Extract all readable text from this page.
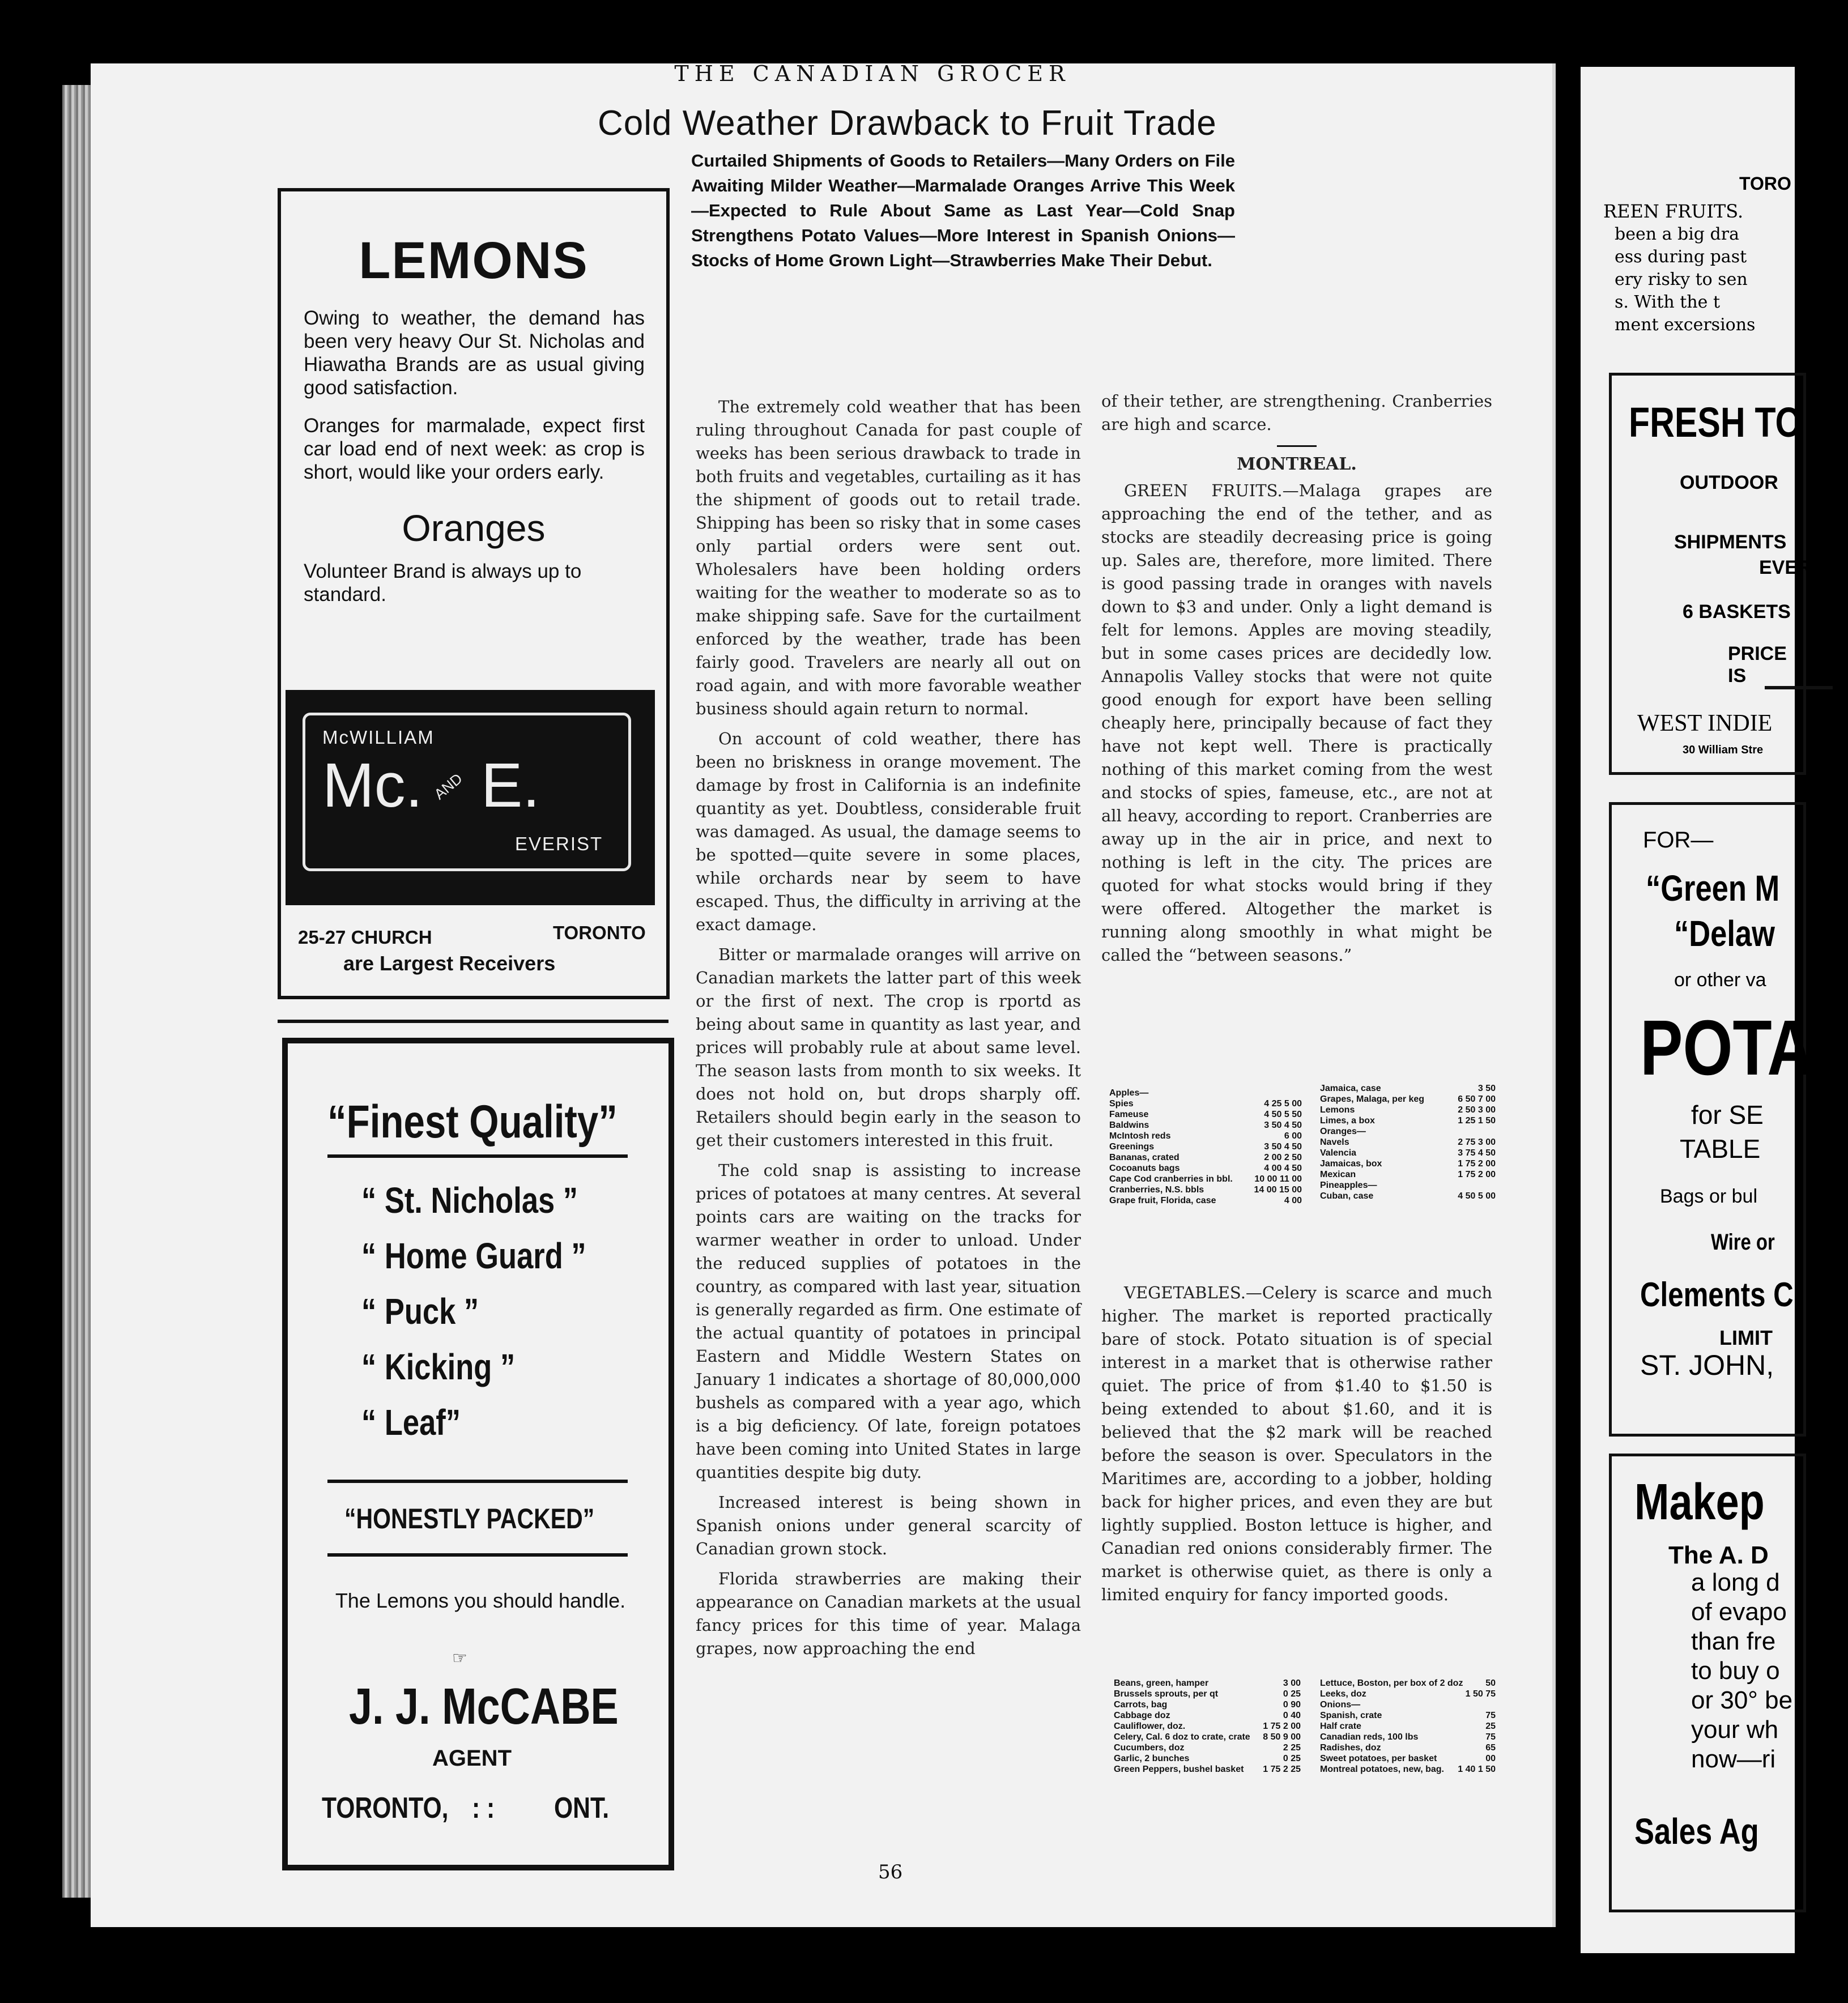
THE CANADIAN GROCER
LEMONS
Owing to weather, the demand has been very heavy Our St. Nicholas and Hiawatha Brands are as usual giving good satisfaction.
Oranges for marmalade, expect first car load end of next week: as crop is short, would like your orders early.
Oranges
Volunteer Brand is always up to standard.
McWILLIAM
Mc. AND E.
EVERIST
25-27 CHURCH	TORONTO
are Largest Receivers
“Finest Quality”
“ St. Nicholas ”
“ Home Guard ”
“ Puck ”
“ Kicking ”
“ Leaf”
“HONESTLY PACKED”
The Lemons you should handle.
☞
J. J. McCABE
AGENT
TORONTO, : : ONT.
Cold Weather Drawback to Fruit Trade
Curtailed Shipments of Goods to Retailers—Many Orders on File Awaiting Milder Weather—Marmalade Oranges Arrive This Week—Expected to Rule About Same as Last Year—Cold Snap Strengthens Potato Values—More Interest in Spanish Onions—Stocks of Home Grown Light—Strawberries Make Their Debut.

The extremely cold weather that has been ruling throughout Canada for past couple of weeks has been serious drawback to trade in both fruits and vegetables, curtailing as it has the shipment of goods out to retail trade. Shipping has been so risky that in some cases only partial orders were sent out. Wholesalers have been holding orders waiting for the weather to moderate so as to make shipping safe. Save for the curtailment enforced by the weather, trade has been fairly good. Travelers are nearly all out on road again, and with more favorable weather business should again return to normal.

On account of cold weather, there has been no briskness in orange movement. The damage by frost in California is an indefinite quantity as yet. Doubtless, considerable fruit was damaged. As usual, the damage seems to be spotted—quite severe in some places, while orchards near by seem to have escaped. Thus, the difficulty in arriving at the exact damage.

Bitter or marmalade oranges will arrive on Canadian markets the latter part of this week or the first of next. The crop is rportd as being about same in quantity as last year, and prices will probably rule at about same level. The season lasts from month to six weeks. It does not hold on, but drops sharply off. Retailers should begin early in the season to get their customers interested in this fruit.

The cold snap is assisting to increase prices of potatoes at many centres. At several points cars are waiting on the tracks for warmer weather in order to unload. Under the reduced supplies of potatoes in the country, as compared with last year, situation is generally regarded as firm. One estimate of the actual quantity of potatoes in principal Eastern and Middle Western States on January 1 indicates a shortage of 80,000,000 bushels as compared with a year ago, which is a big deficiency. Of late, foreign potatoes have been coming into United States in large quantities despite big duty.

Increased interest is being shown in Spanish onions under general scarcity of Canadian grown stock.

Florida strawberries are making their appearance on Canadian markets at the usual fancy prices for this time of year. Malaga grapes, now approaching the end

of their tether, are strengthening. Cranberries are high and scarce.

MONTREAL.

GREEN FRUITS.—Malaga grapes are approaching the end of the tether, and as stocks are steadily decreasing price is going up. Sales are, therefore, more limited. There is good passing trade in oranges with navels down to $3 and under. Only a light demand is felt for lemons. Apples are moving steadily, but in some cases prices are decidedly low. Annapolis Valley stocks that were not quite good enough for export have been selling cheaply here, principally because of fact they have not kept well. There is practically nothing of this market coming from the west and stocks of spies, fameuse, etc., are not at all heavy, according to report. Cranberries are away up in the air in price, and next to nothing is left in the city. The prices are quoted for what stocks would bring if they were offered. Altogether the market is running along smoothly in what might be called the “between seasons.”

Apples—
Spies	4 25 5 00
Fameuse	4 50 5 50
Baldwins	3 50 4 50
McIntosh reds	6 00
Greenings	3 50 4 50
Bananas, crated	2 00 2 50
Cocoanuts bags	4 00 4 50
Cape Cod cranberries in bbl.	10 00 11 00
Cranberries, N.S. bbls	14 00 15 00
Grape fruit, Florida, case	4 00
Jamaica, case	3 50
Grapes, Malaga, per keg	6 50 7 00
Lemons	2 50 3 00
Limes, a box	1 25 1 50
Oranges—
Navels	2 75 3 00
Valencia	3 75 4 50
Jamaicas, box	1 75 2 00
Mexican	1 75 2 00
Pineapples—
Cuban, case	4 50 5 00

VEGETABLES.—Celery is scarce and much higher. The market is reported practically bare of stock. Potato situation is of special interest in a market that is otherwise rather quiet. The price of from $1.40 to $1.50 is being extended to about $1.60, and it is believed that the $2 mark will be reached before the season is over. Speculators in the Maritimes are, according to a jobber, holding back for higher prices, and even they are but lightly supplied. Boston lettuce is higher, and Canadian red onions considerably firmer. The market is otherwise quiet, as there is only a limited enquiry for fancy imported goods.

Beans, green, hamper	3 00
Brussels sprouts, per qt	0 25
Carrots, bag	0 90
Cabbage doz	0 40
Cauliflower, doz.	1 75 2 00
Celery, Cal. 6 doz to crate, crate	8 50 9 00
Cucumbers, doz	2 25
Garlic, 2 bunches	0 25
Green Peppers, bushel basket	1 75 2 25
Lettuce, Boston, per box of 2 doz	50
Leeks, doz	1 50 75
Onions—
Spanish, crate	75
Half crate	25
Canadian reds, 100 lbs	75
Radishes, doz	65
Sweet potatoes, per basket	00
Montreal potatoes, new, bag.	1 40 1 50
56
TORO
REEN FRUITS.
been a big dra
ess during past
ery risky to sen
s. With the t
ment excersions
FRESH TO
OUTDOOR
SHIPMENTS
EVERY
6 BASKETS
PRICE IS
WEST INDIE
30 William Stre
FOR—
“Green M
“Delaw
or other va
POTAT
for SE
TABLE
Bags or bul
Wire or
Clements C
LIMIT
ST. JOHN,
Makep
The A. D
a long d
of evapo
than fre
to buy o
or 30° be
your wh
now—ri
Sales Ag
